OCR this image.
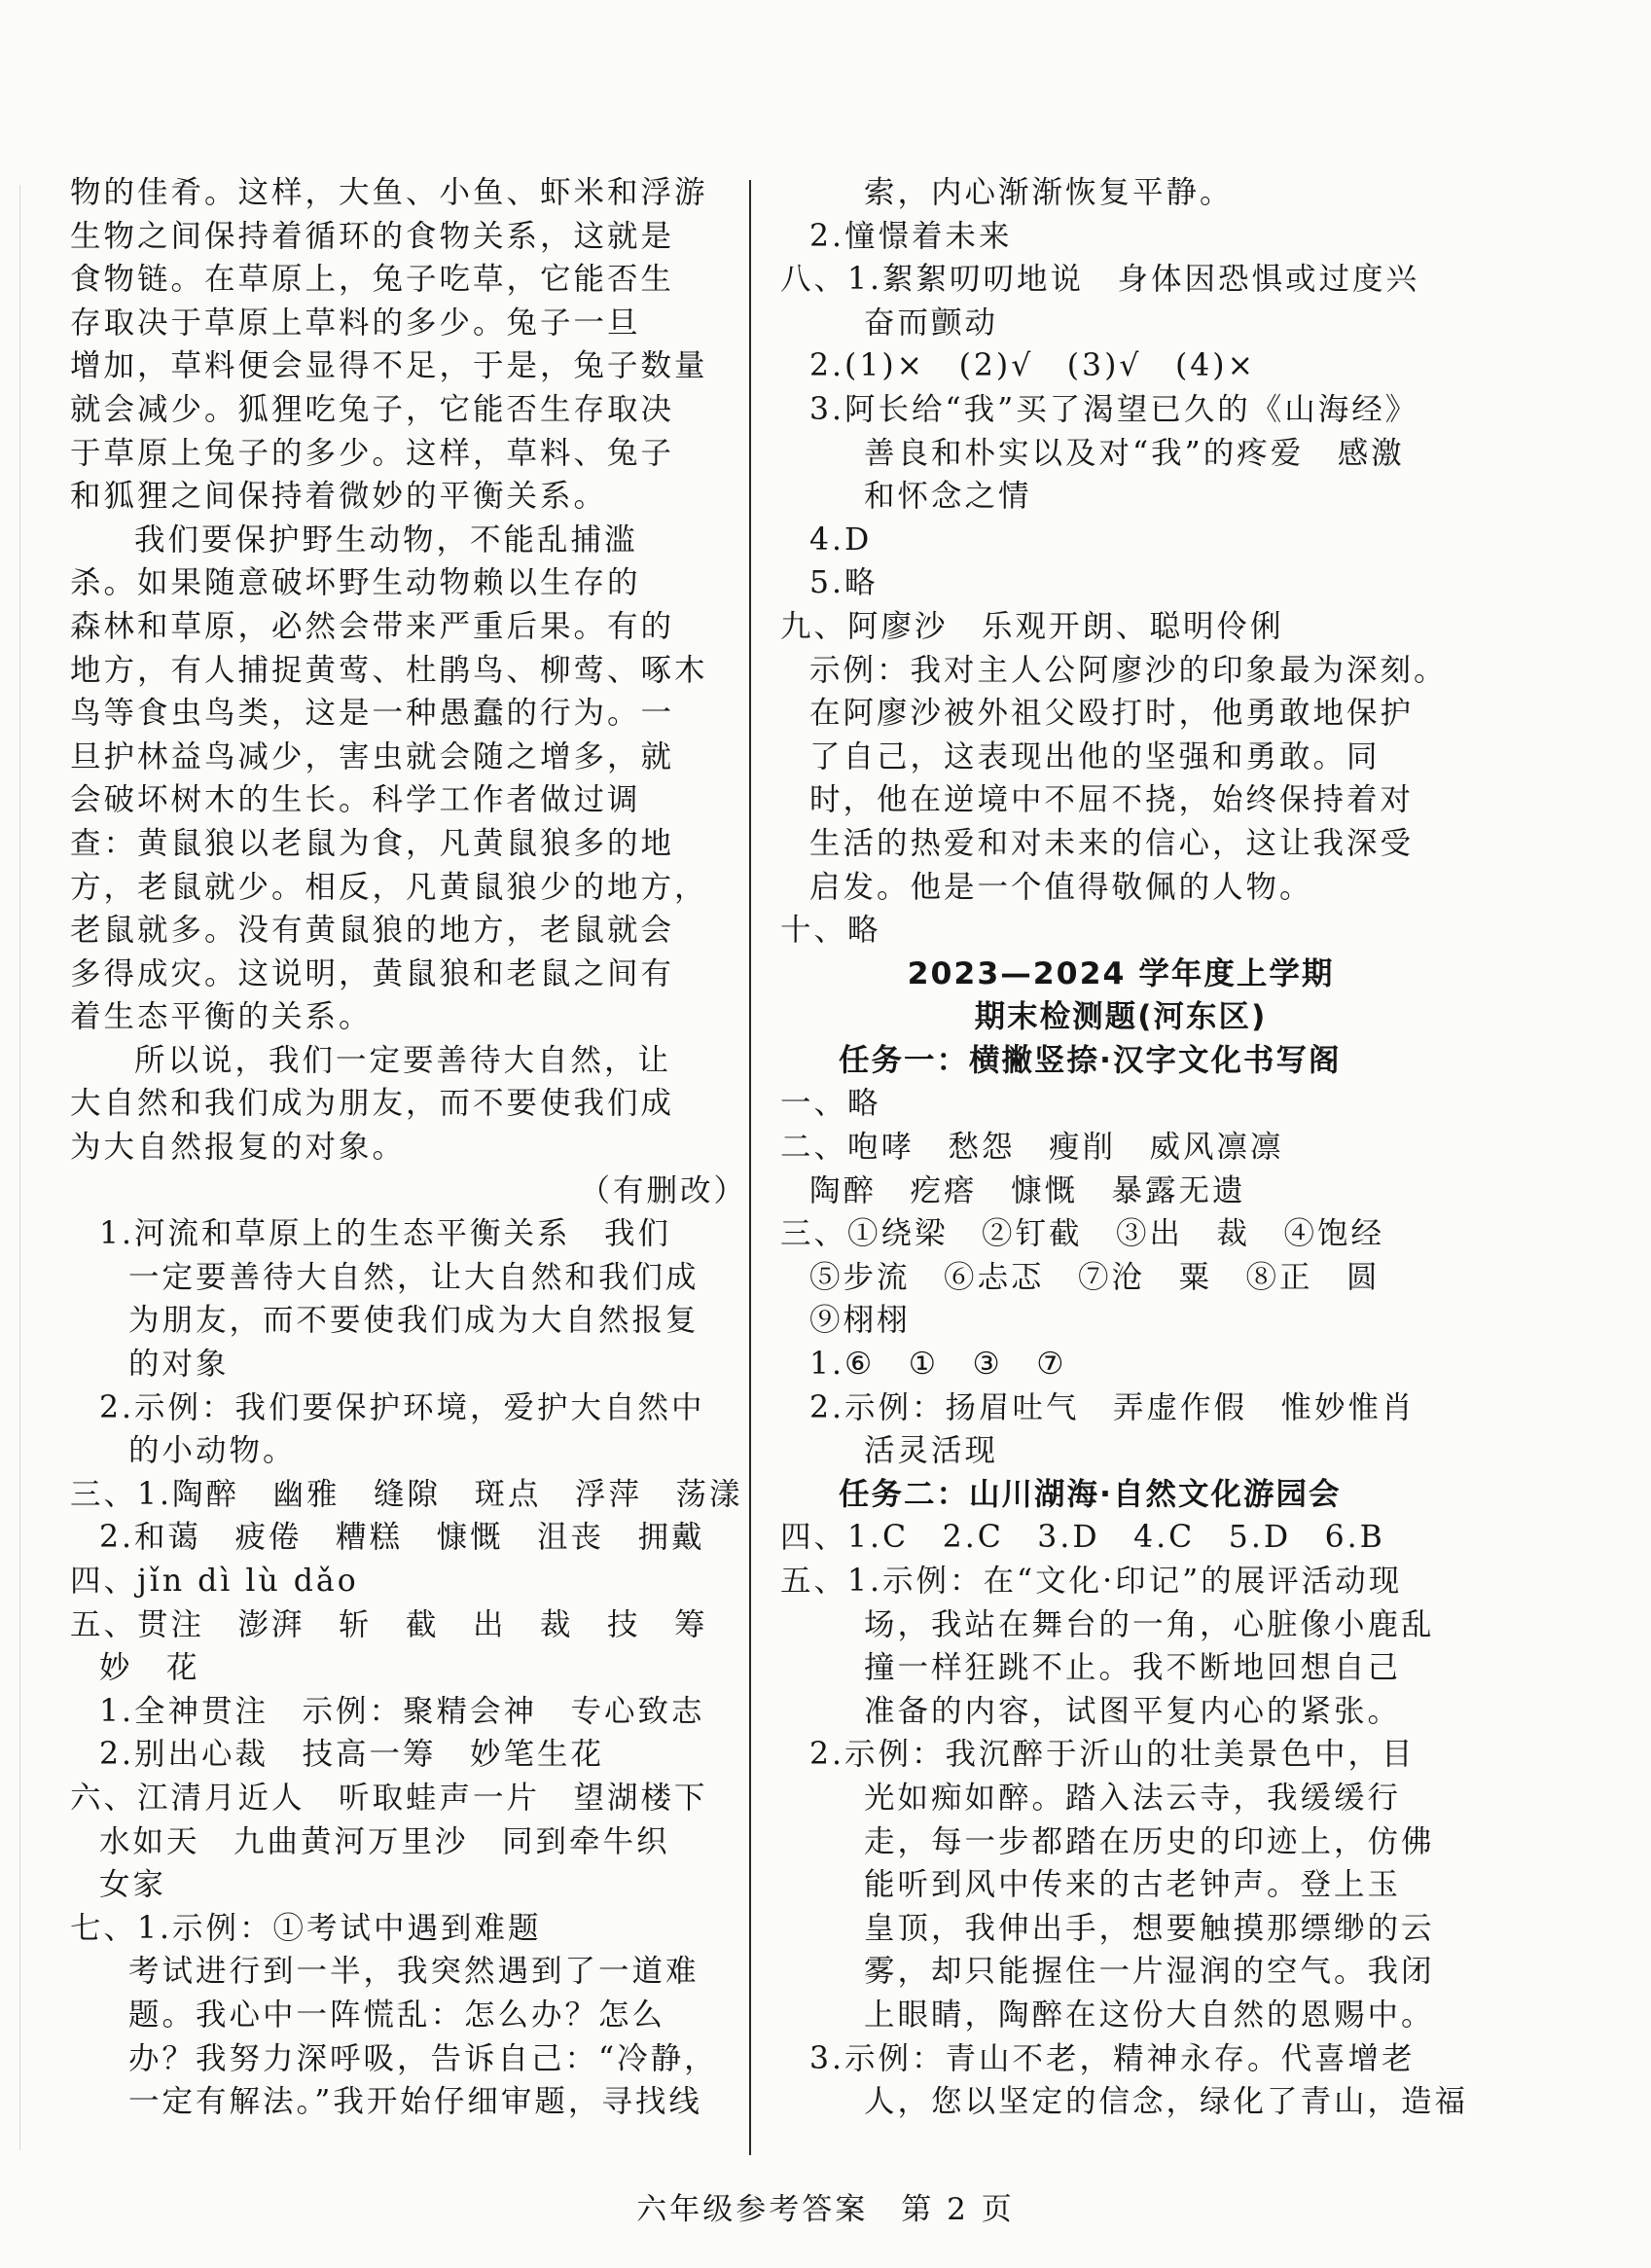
物的佳肴。这样，大鱼、小鱼、虾米和浮游
生物之间保持着循环的食物关系，这就是
食物链。在草原上，兔子吃草，它能否生
存取决于草原上草料的多少。兔子一旦
增加，草料便会显得不足，于是，兔子数量
就会减少。狐狸吃兔子，它能否生存取决
于草原上兔子的多少。这样，草料、兔子
和狐狸之间保持着微妙的平衡关系。
我们要保护野生动物，不能乱捕滥
杀。如果随意破坏野生动物赖以生存的
森林和草原，必然会带来严重后果。有的
地方，有人捕捉黄莺、杜鹃鸟、柳莺、啄木
鸟等食虫鸟类，这是一种愚蠢的行为。一
旦护林益鸟减少，害虫就会随之增多，就
会破坏树木的生长。科学工作者做过调
查：黄鼠狼以老鼠为食，凡黄鼠狼多的地
方，老鼠就少。相反，凡黄鼠狼少的地方，
老鼠就多。没有黄鼠狼的地方，老鼠就会
多得成灾。这说明，黄鼠狼和老鼠之间有
着生态平衡的关系。
所以说，我们一定要善待大自然，让
大自然和我们成为朋友，而不要使我们成
为大自然报复的对象。
（有删改）
1.河流和草原上的生态平衡关系　我们
一定要善待大自然，让大自然和我们成
为朋友，而不要使我们成为大自然报复
的对象
2.示例：我们要保护环境，爱护大自然中
的小动物。
三、1.陶醉　幽雅　缝隙　斑点　浮萍　荡漾
2.和蔼　疲倦　糟糕　慷慨　沮丧　拥戴
四、jǐn dì lù dǎo
五、贯注　澎湃　斩　截　出　裁　技　筹
妙　花
1.全神贯注　示例：聚精会神　专心致志
2.别出心裁　技高一筹　妙笔生花
六、江清月近人　听取蛙声一片　望湖楼下
水如天　九曲黄河万里沙　同到牵牛织
女家
七、1.示例：①考试中遇到难题
考试进行到一半，我突然遇到了一道难
题。我心中一阵慌乱：怎么办？怎么
办？我努力深呼吸，告诉自己：“冷静，
一定有解法。”我开始仔细审题，寻找线
索，内心渐渐恢复平静。
2.憧憬着未来
八、1.絮絮叨叨地说　身体因恐惧或过度兴
奋而颤动
2.(1)×　(2)√　(3)√　(4)×
3.阿长给“我”买了渴望已久的《山海经》
善良和朴实以及对“我”的疼爱　感激
和怀念之情
4.D
5.略
九、阿廖沙　乐观开朗、聪明伶俐
示例：我对主人公阿廖沙的印象最为深刻。
在阿廖沙被外祖父殴打时，他勇敢地保护
了自己，这表现出他的坚强和勇敢。同
时，他在逆境中不屈不挠，始终保持着对
生活的热爱和对未来的信心，这让我深受
启发。他是一个值得敬佩的人物。
十、略
2023—2024 学年度上学期
期末检测题(河东区)
任务一：横撇竖捺·汉字文化书写阁
一、略
二、咆哮　愁怨　瘦削　威风凛凛
陶醉　疙瘩　慷慨　暴露无遗
三、①绕梁　②钉截　③出　裁　④饱经
⑤步流　⑥忐忑　⑦沧　粟　⑧正　圆
⑨栩栩
1.⑥　①　③　⑦
2.示例：扬眉吐气　弄虚作假　惟妙惟肖
活灵活现
任务二：山川湖海·自然文化游园会
四、1.C　2.C　3.D　4.C　5.D　6.B
五、1.示例：在“文化·印记”的展评活动现
场，我站在舞台的一角，心脏像小鹿乱
撞一样狂跳不止。我不断地回想自己
准备的内容，试图平复内心的紧张。
2.示例：我沉醉于沂山的壮美景色中，目
光如痴如醉。踏入法云寺，我缓缓行
走，每一步都踏在历史的印迹上，仿佛
能听到风中传来的古老钟声。登上玉
皇顶，我伸出手，想要触摸那缥缈的云
雾，却只能握住一片湿润的空气。我闭
上眼睛，陶醉在这份大自然的恩赐中。
3.示例：青山不老，精神永存。代喜增老
人，您以坚定的信念，绿化了青山，造福
六年级参考答案　第 2 页
